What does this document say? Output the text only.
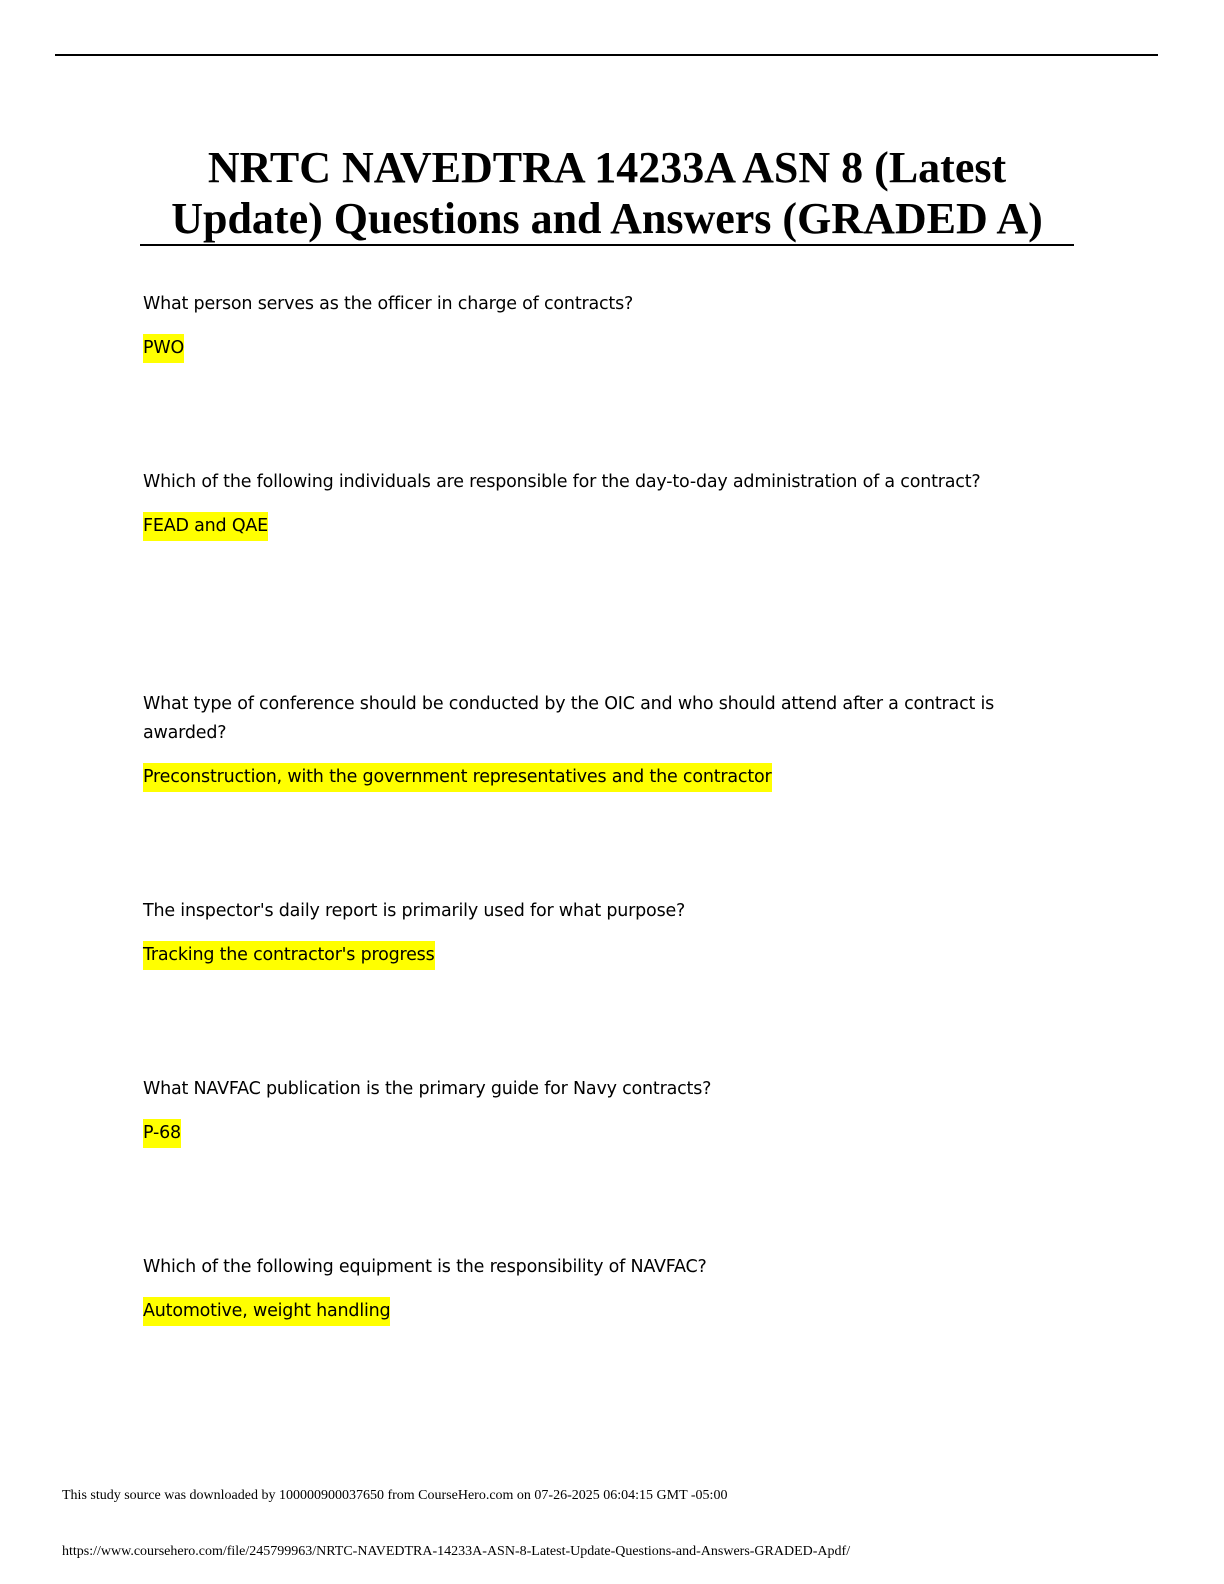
NRTC NAVEDTRA 14233A ASN 8 (Latest Update) Questions and Answers (GRADED A)

What person serves as the officer in charge of contracts?

PWO

Which of the following individuals are responsible for the day-to-day administration of a contract?

FEAD and QAE

What type of conference should be conducted by the OIC and who should attend after a contract is awarded?

Preconstruction, with the government representatives and the contractor

The inspector's daily report is primarily used for what purpose?

Tracking the contractor's progress

What NAVFAC publication is the primary guide for Navy contracts?

P-68

Which of the following equipment is the responsibility of NAVFAC?

Automotive, weight handling

This study source was downloaded by 100000900037650 from CourseHero.com on 07-26-2025 06:04:15 GMT -05:00

https://www.coursehero.com/file/245799963/NRTC-NAVEDTRA-14233A-ASN-8-Latest-Update-Questions-and-Answers-GRADED-Apdf/
